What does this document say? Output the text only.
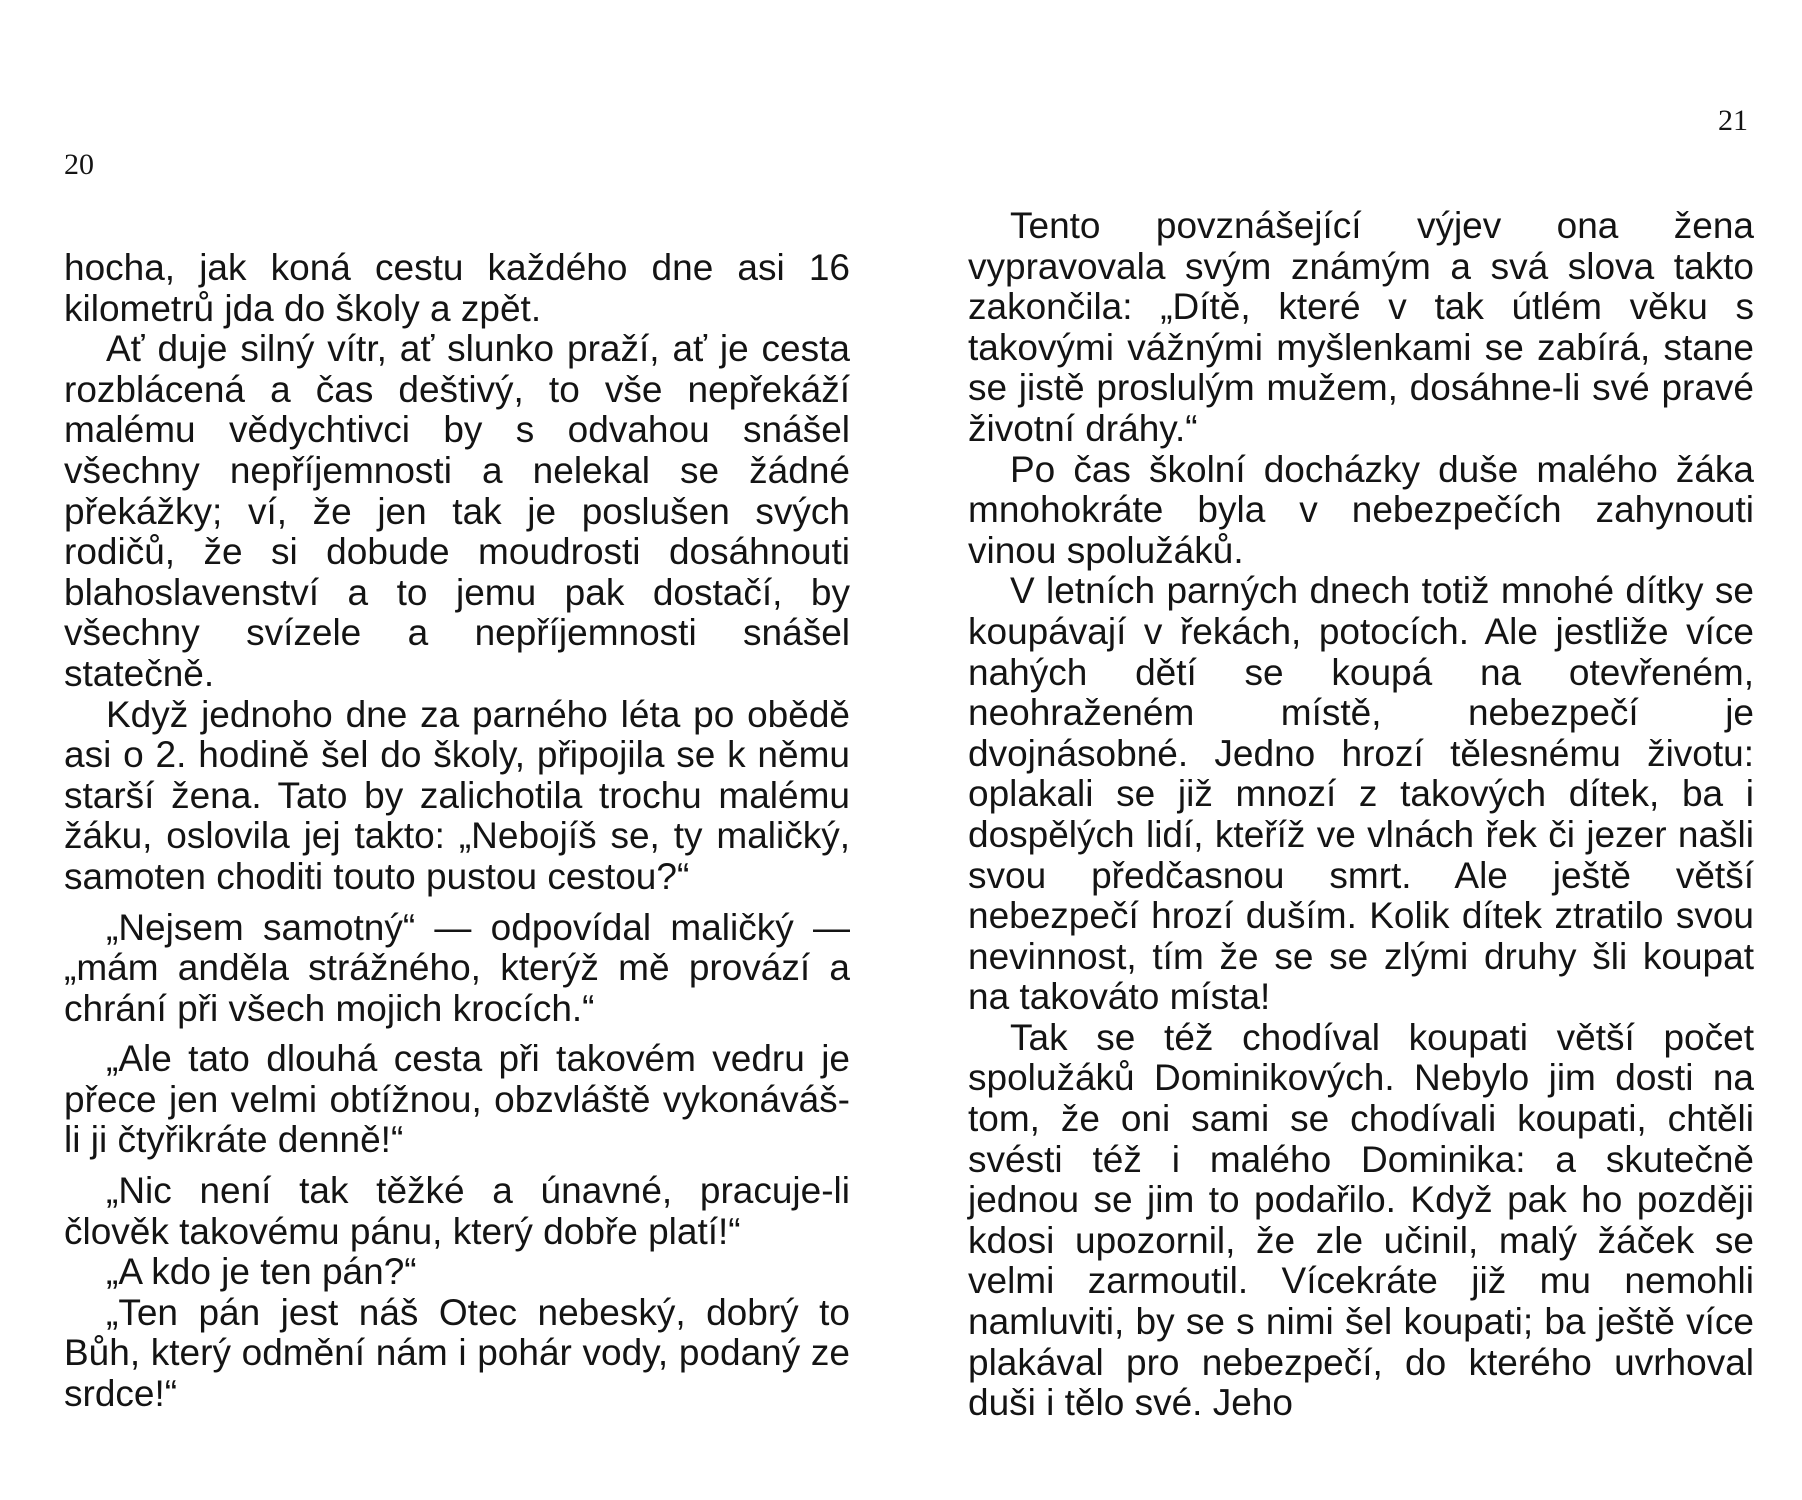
20
21

hocha, jak koná cestu každého dne asi 16 kilometrů jda do školy a zpět.

Ať duje silný vítr, ať slunko praží, ať je cesta rozblácená a čas deštivý, to vše nepřekáží malému vědychtivci by s odvahou snášel všechny nepříjemnosti a nelekal se žádné překážky; ví, že jen tak je poslušen svých rodičů, že si dobude moudrosti dosáhnouti blahoslavenství a to jemu pak dostačí, by všechny svízele a nepříjemnosti snášel statečně.

Když jednoho dne za parného léta po obědě asi o 2. hodině šel do školy, připojila se k němu starší žena. Tato by zalichotila trochu malému žáku, oslovila jej takto: „Nebojíš se, ty maličký, samoten choditi touto pustou cestou?“

„Nejsem samotný“ — odpovídal maličký — „mám anděla strážného, kterýž mě provází a chrání při všech mojich krocích.“

„Ale tato dlouhá cesta při takovém vedru je přece jen velmi obtížnou, obzvláště vykonáváš-li ji čtyřikráte denně!“

„Nic není tak těžké a únavné, pracuje-li člověk takovému pánu, který dobře platí!“

„A kdo je ten pán?“

„Ten pán jest náš Otec nebeský, dobrý to Bůh, který odmění nám i pohár vody, podaný ze srdce!“

Tento povznášející výjev ona žena vypravovala svým známým a svá slova takto zakončila: „Dítě, které v tak útlém věku s takovými vážnými myšlenkami se zabírá, stane se jistě proslulým mužem, dosáhne-li své pravé životní dráhy.“

Po čas školní docházky duše malého žáka mnohokráte byla v nebezpečích zahynouti vinou spolužáků.

V letních parných dnech totiž mnohé dítky se koupávají v řekách, potocích. Ale jestliže více nahých dětí se koupá na otevřeném, neohraženém místě, nebezpečí je dvojnásobné. Jedno hrozí tělesnému životu: oplakali se již mnozí z takových dítek, ba i dospělých lidí, kteříž ve vlnách řek či jezer našli svou předčasnou smrt. Ale ještě větší nebezpečí hrozí duším. Kolik dítek ztratilo svou nevinnost, tím že se se zlými druhy šli koupat na takováto místa!

Tak se též chodíval koupati větší počet spolužáků Dominikových. Nebylo jim dosti na tom, že oni sami se chodívali koupati, chtěli svésti též i malého Dominika: a skutečně jednou se jim to podařilo. Když pak ho později kdosi upozornil, že zle učinil, malý žáček se velmi zarmoutil. Vícekráte již mu nemohli namluviti, by se s nimi šel koupati; ba ještě více plakával pro nebezpečí, do kterého uvrhoval duši i tělo své. Jeho
